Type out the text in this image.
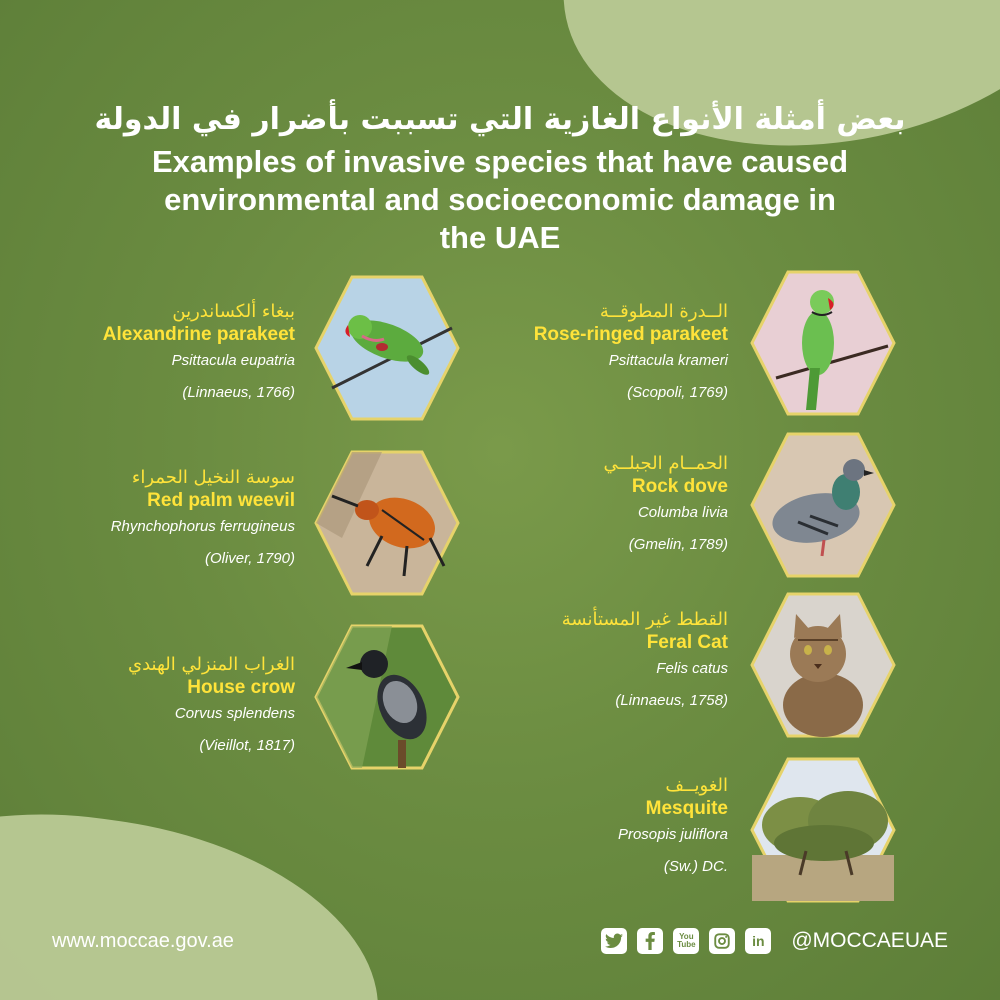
بعض أمثلة الأنواع الغازية التي تسببت بأضرار في الدولة
Examples of invasive species that have caused
environmental and socioeconomic damage in
the UAE
ببغاء ألكساندرين
Alexandrine parakeet
Psittacula eupatria
(Linnaeus, 1766)
سوسة النخيل الحمراء
Red palm weevil
Rhynchophorus ferrugineus
(Oliver, 1790)
الغراب المنزلي الهندي
House crow
Corvus splendens
(Vieillot, 1817)
الــدرة المطوقــة
Rose-ringed parakeet
Psittacula krameri
(Scopoli, 1769)
الحمــام الجبلــي
Rock dove
Columba livia
(Gmelin, 1789)
القطط غير المستأنسة
Feral Cat
Felis catus
(Linnaeus, 1758)
الغويــف
Mesquite
Prosopis juliflora
(Sw.) DC.
www.moccae.gov.ae	You Tube	in @MOCCAEUAE
